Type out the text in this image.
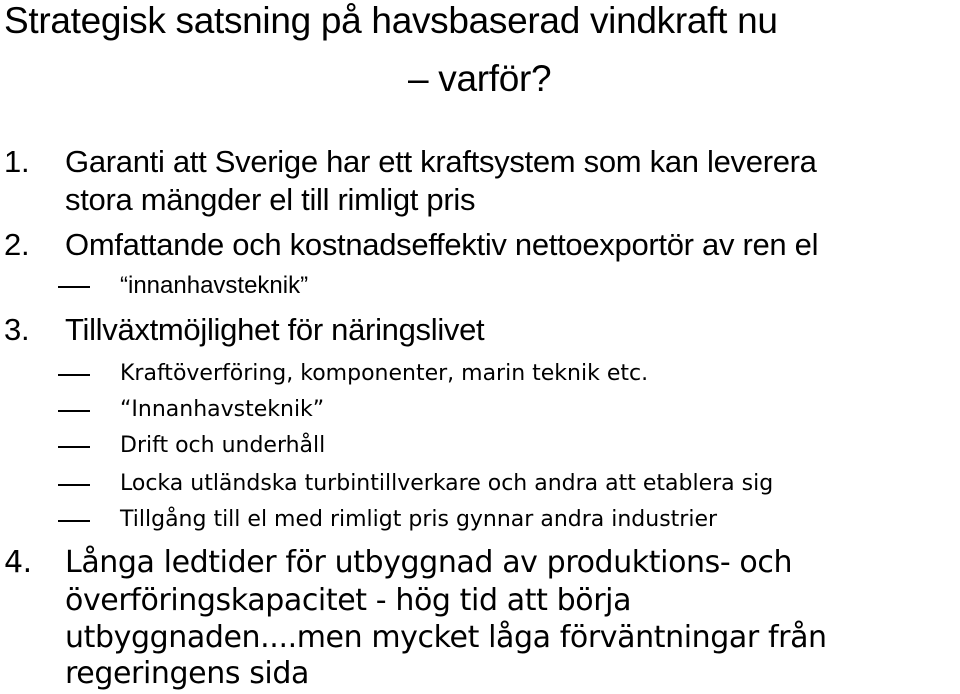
Strategisk satsning på havsbaserad vindkraft nu
– varför?
1. Garanti att Sverige har ett kraftsystem som kan leverera
stora mängder el till rimligt pris
2. Omfattande och kostnadseffektiv nettoexportör av ren el
“innanhavsteknik”
3. Tillväxtmöjlighet för näringslivet
Kraftöverföring, komponenter, marin teknik etc.
“Innanhavsteknik”
Drift och underhåll
Locka utländska turbintillverkare och andra att etablera sig
Tillgång till el med rimligt pris gynnar andra industrier
4. Långa ledtider för utbyggnad av produktions- och
överföringskapacitet - hög tid att börja
utbyggnaden....men mycket låga förväntningar från
regeringens sida
